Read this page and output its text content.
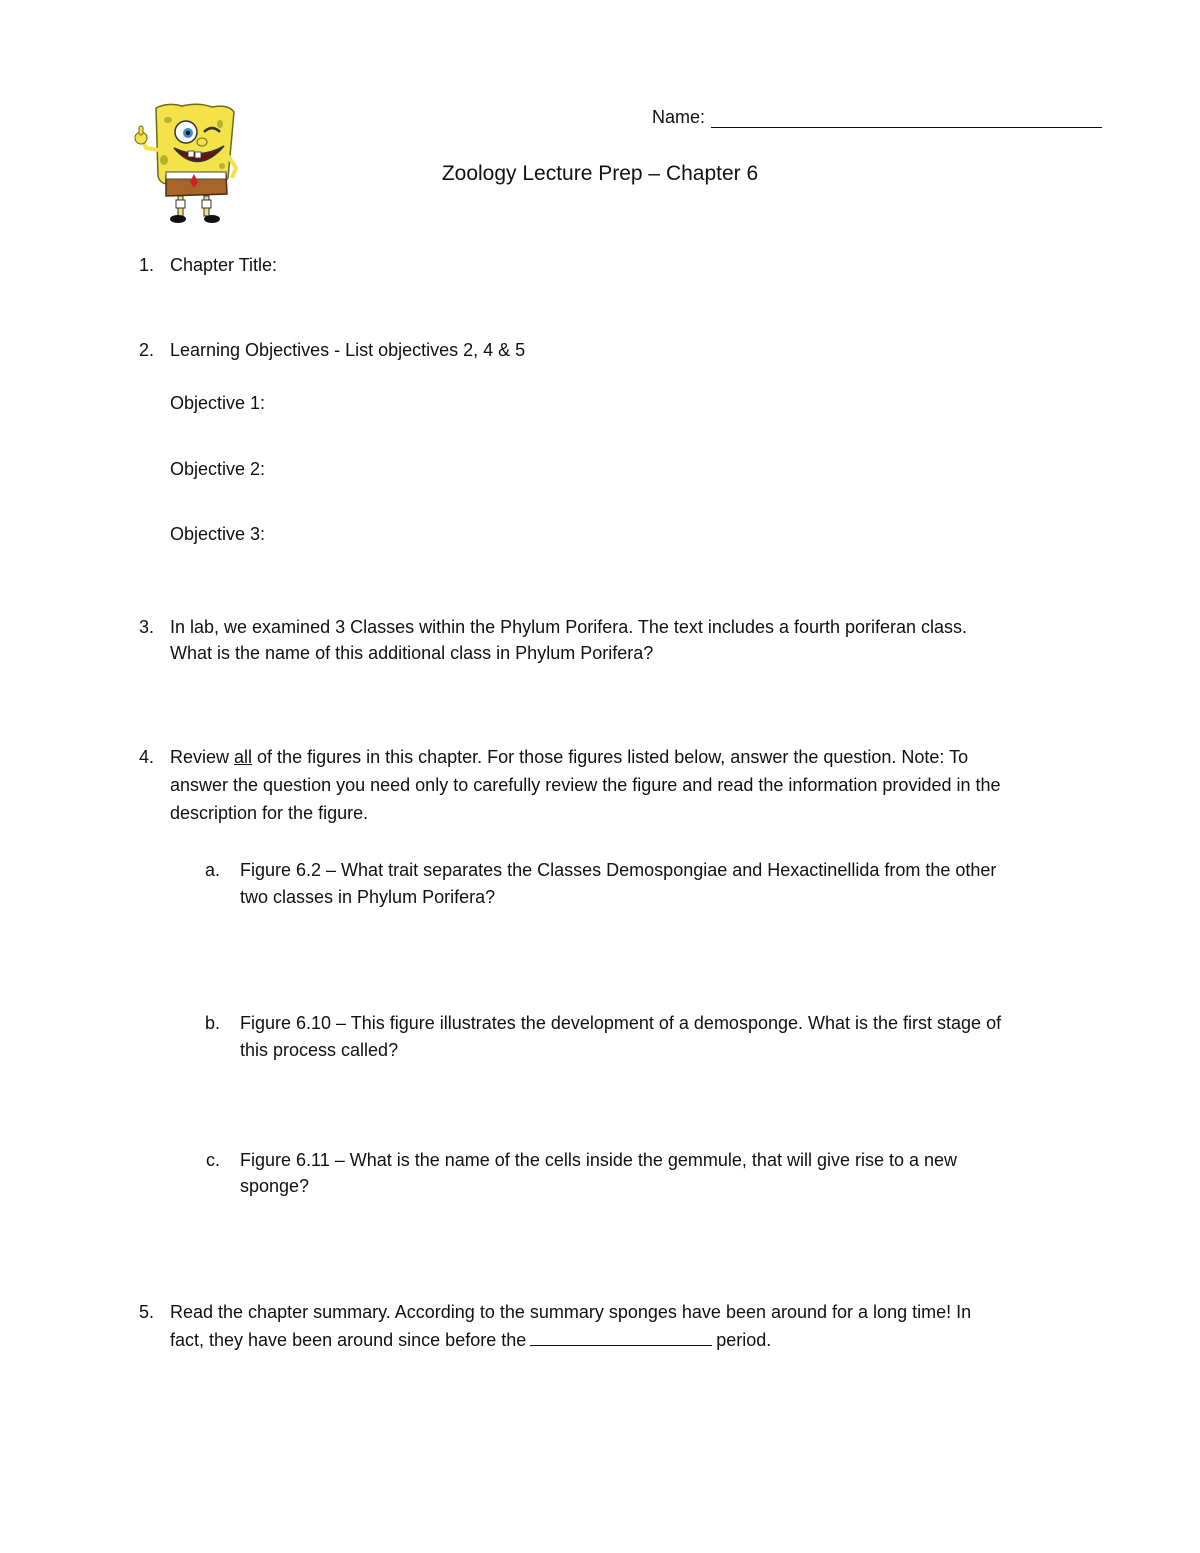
Name:
Zoology Lecture Prep – Chapter 6
1. Chapter Title:
2. Learning Objectives - List objectives 2, 4 & 5
Objective 1:
Objective 2:
Objective 3:
3. In lab, we examined 3 Classes within the Phylum Porifera. The text includes a fourth poriferan class.
What is the name of this additional class in Phylum Porifera?
4. Review all of the figures in this chapter. For those figures listed below, answer the question. Note: To
answer the question you need only to carefully review the figure and read the information provided in the
description for the figure.
a. Figure 6.2 – What trait separates the Classes Demospongiae and Hexactinellida from the other
two classes in Phylum Porifera?
b. Figure 6.10 – This figure illustrates the development of a demosponge. What is the first stage of
this process called?
c. Figure 6.11 – What is the name of the cells inside the gemmule, that will give rise to a new
sponge?
5. Read the chapter summary. According to the summary sponges have been around for a long time! In
fact, they have been around since before the	period.
